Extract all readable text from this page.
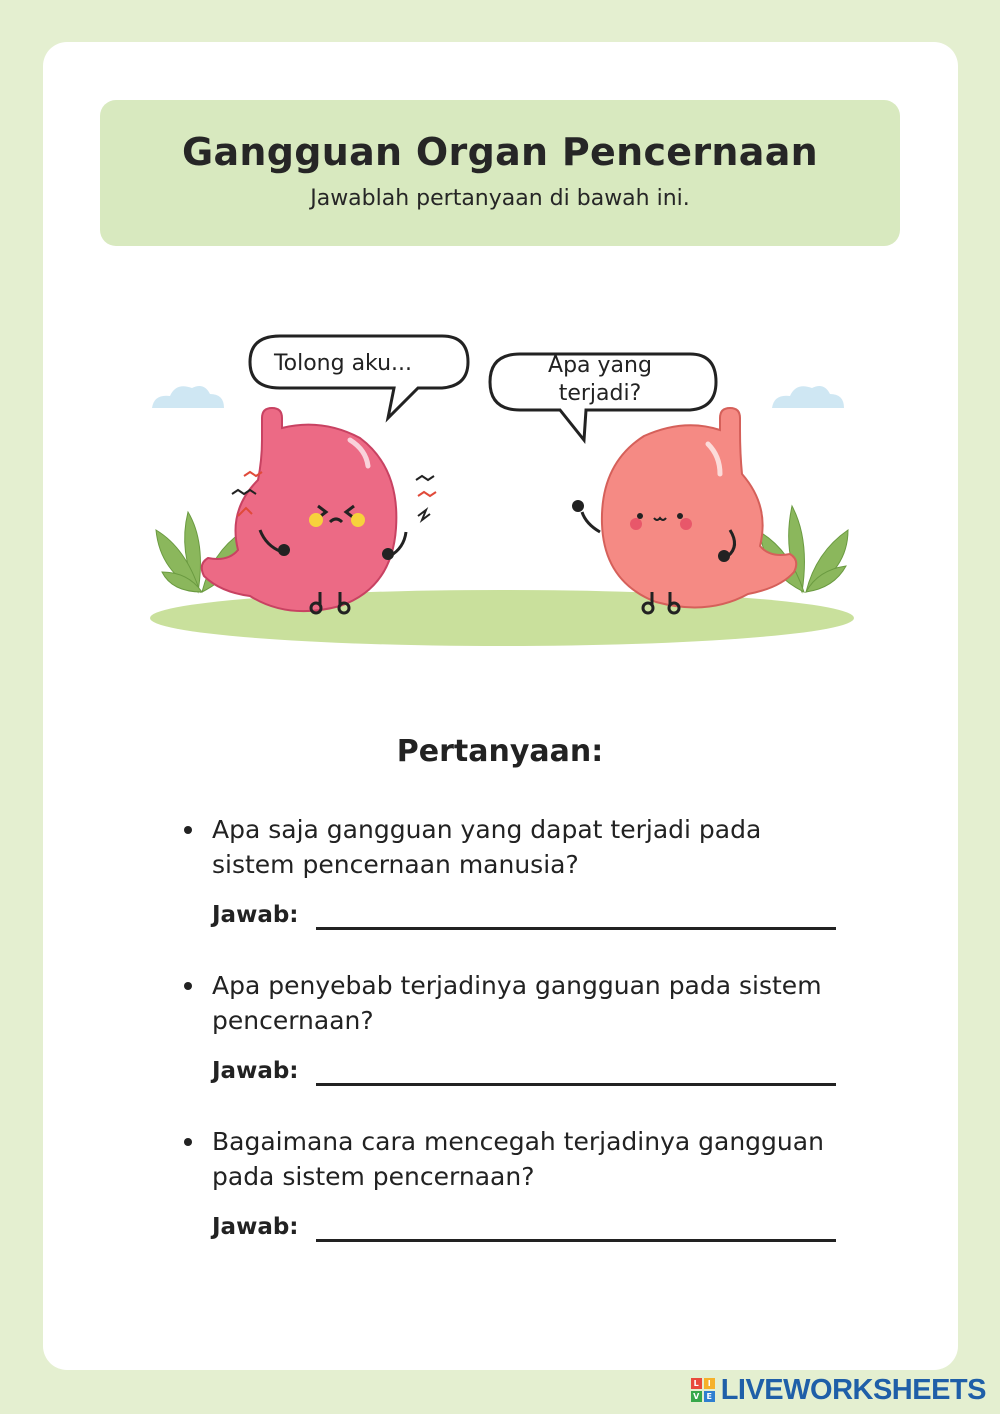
Gangguan Organ Pencernaan

Jawablah pertanyaan di bawah ini.

Tolong aku...	Apa yang
terjadi?
Pertanyaan:
Apa saja gangguan yang dapat terjadi pada sistem pencernaan manusia?
Jawab:
Apa penyebab terjadinya gangguan pada sistem pencernaan?
Jawab:
Bagaimana cara mencegah terjadinya gangguan pada sistem pencernaan?
Jawab:
L	I
V E LIVEWORKSHEETS
